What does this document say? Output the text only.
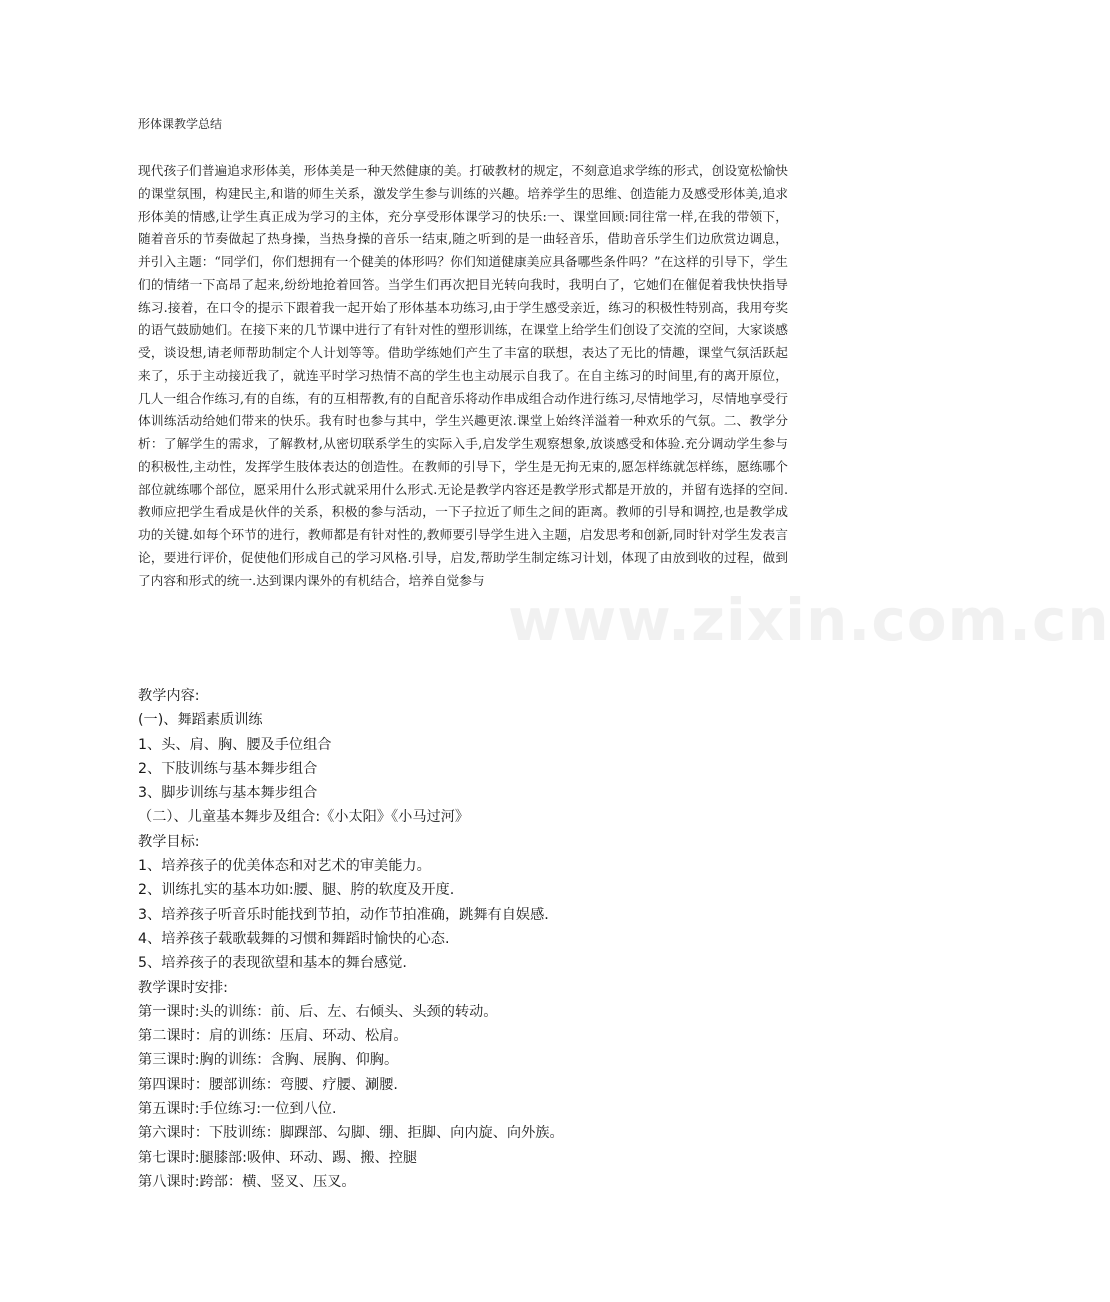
形体课教学总结
现代孩子们普遍追求形体美，形体美是一种天然健康的美。打破教材的规定，不刻意追求学练的形式，创设宽松愉快的课堂氛围，构建民主,和谐的师生关系，激发学生参与训练的兴趣。培养学生的思维、创造能力及感受形体美,追求形体美的情感,让学生真正成为学习的主体，充分享受形体课学习的快乐:一、课堂回顾:同往常一样,在我的带领下，随着音乐的节奏做起了热身操，当热身操的音乐一结束,随之听到的是一曲轻音乐，借助音乐学生们边欣赏边调息，并引入主题：“同学们，你们想拥有一个健美的体形吗？你们知道健康美应具备哪些条件吗？”在这样的引导下，学生们的情绪一下高昂了起来,纷纷地抢着回答。当学生们再次把目光转向我时，我明白了，它她们在催促着我快快指导练习.接着，在口令的提示下跟着我一起开始了形体基本功练习,由于学生感受亲近，练习的积极性特别高，我用夸奖的语气鼓励她们。在接下来的几节课中进行了有针对性的塑形训练，在课堂上给学生们创设了交流的空间，大家谈感受，谈设想,请老师帮助制定个人计划等等。借助学练她们产生了丰富的联想，表达了无比的情趣，课堂气氛活跃起来了，乐于主动接近我了，就连平时学习热情不高的学生也主动展示自我了。在自主练习的时间里,有的离开原位，几人一组合作练习,有的自练，有的互相帮教,有的自配音乐将动作串成组合动作进行练习,尽情地学习，尽情地享受行体训练活动给她们带来的快乐。我有时也参与其中，学生兴趣更浓.课堂上始终洋溢着一种欢乐的气氛。二、教学分析：了解学生的需求，了解教材,从密切联系学生的实际入手,启发学生观察想象,放谈感受和体验.充分调动学生参与的积极性,主动性，发挥学生肢体表达的创造性。在教师的引导下，学生是无拘无束的,愿怎样练就怎样练，愿练哪个部位就练哪个部位，愿采用什么形式就采用什么形式.无论是教学内容还是教学形式都是开放的，并留有选择的空间.教师应把学生看成是伙伴的关系，积极的参与活动，一下子拉近了师生之间的距离。教师的引导和调控,也是教学成功的关键.如每个环节的进行，教师都是有针对性的,教师要引导学生进入主题，启发思考和创新,同时针对学生发表言论，要进行评价，促使他们形成自己的学习风格.引导，启发,帮助学生制定练习计划，体现了由放到收的过程，做到了内容和形式的统一.达到课内课外的有机结合，培养自觉参与
教学内容:
(一)、舞蹈素质训练
1、头、肩、胸、腰及手位组合
2、下肢训练与基本舞步组合
3、脚步训练与基本舞步组合
（二）、儿童基本舞步及组合:《小太阳》《小马过河》
教学目标:
1、培养孩子的优美体态和对艺术的审美能力。
2、训练扎实的基本功如:腰、腿、胯的软度及开度.
3、培养孩子听音乐时能找到节拍，动作节拍准确，跳舞有自娱感.
4、培养孩子载歌载舞的习惯和舞蹈时愉快的心态.
5、培养孩子的表现欲望和基本的舞台感觉.
教学课时安排:
第一课时:头的训练：前、后、左、右倾头、头颈的转动。
第二课时：肩的训练：压肩、环动、松肩。
第三课时:胸的训练：含胸、展胸、仰胸。
第四课时：腰部训练：弯腰、疗腰、涮腰.
第五课时:手位练习:一位到八位.
第六课时：下肢训练：脚踝部、勾脚、绷、拒脚、向内旋、向外族。
第七课时:腿膝部:吸伸、环动、踢、搬、控腿
第八课时:跨部：横、竖叉、压叉。
www.zixin.com.cn
